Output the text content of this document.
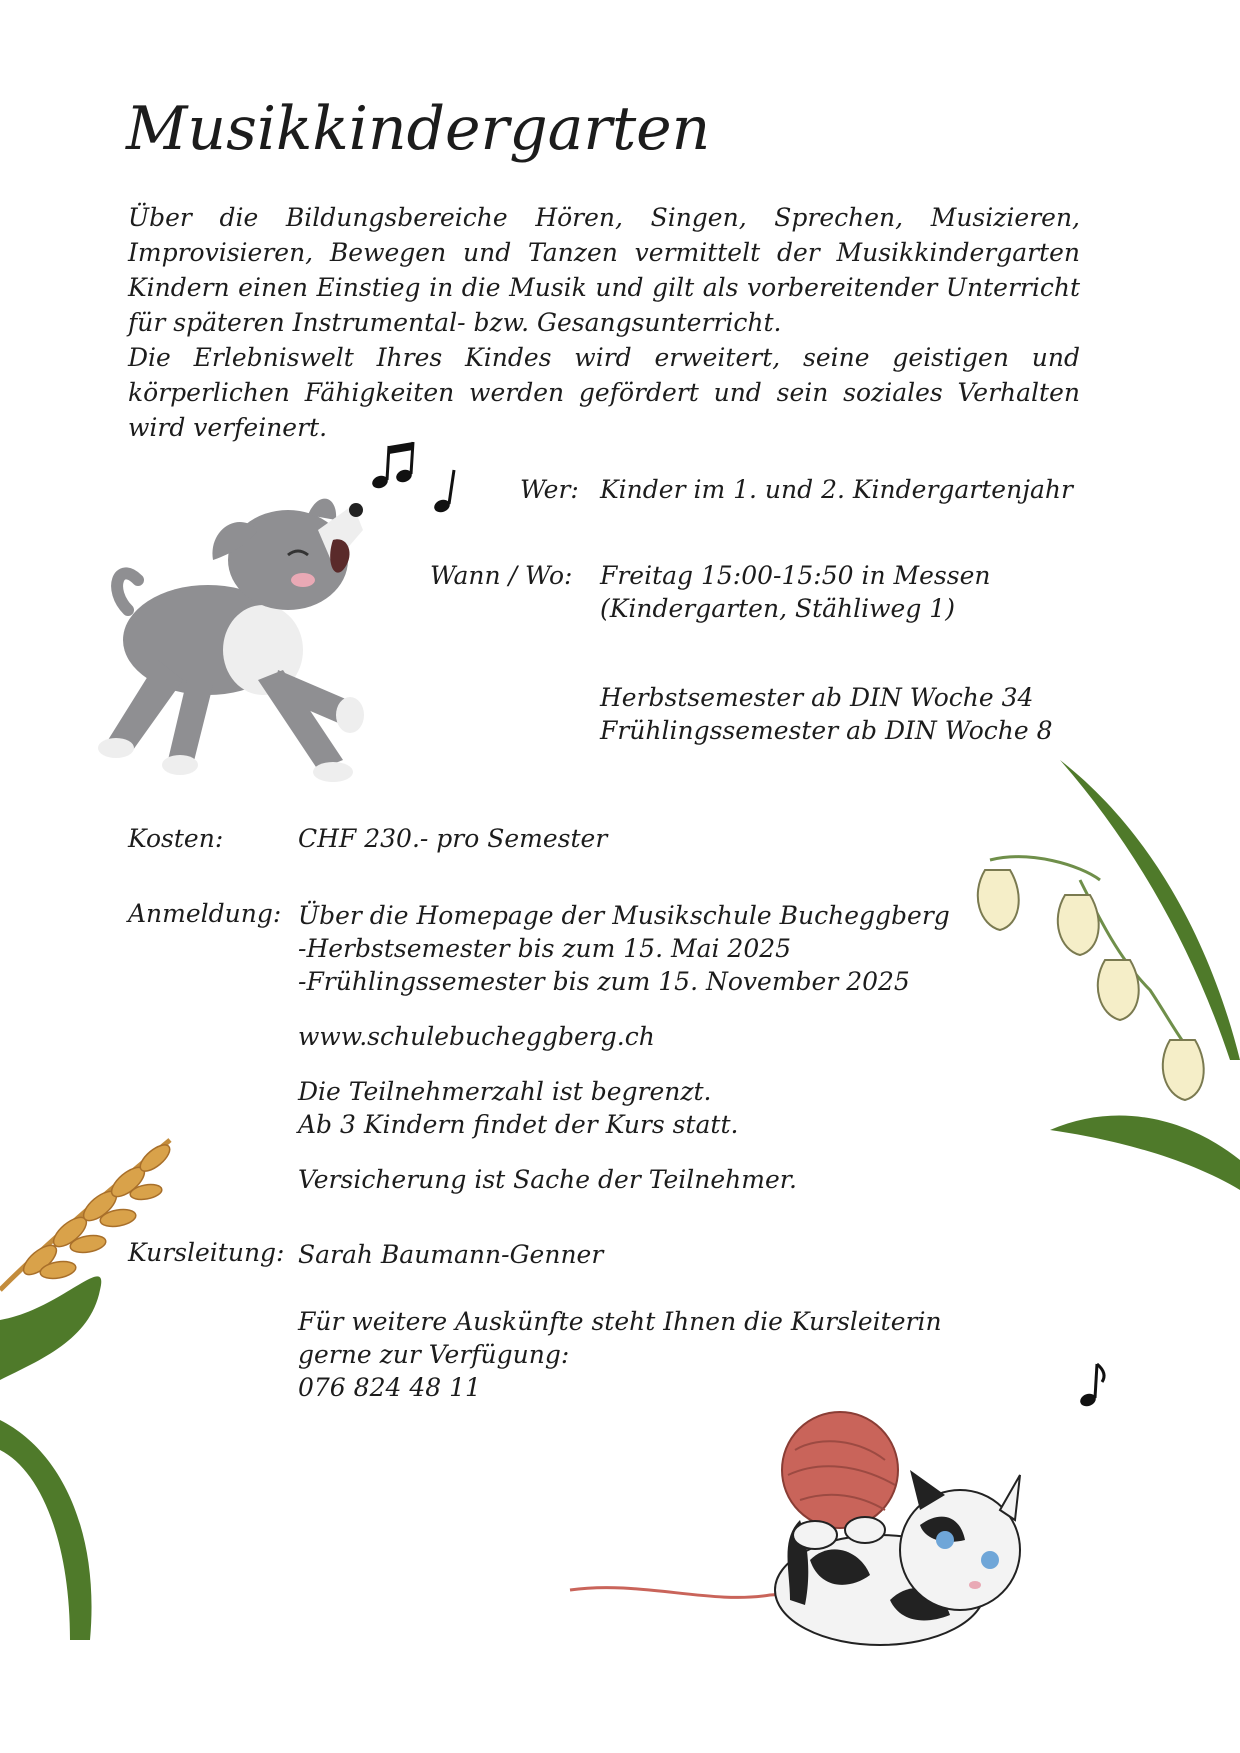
Musikkindergarten

Über die Bildungsbereiche Hören, Singen, Sprechen, Musizieren, Improvisieren, Bewegen und Tanzen vermittelt der Musikkindergarten Kindern einen Einstieg in die Musik und gilt als vorbereitender Unterricht für späteren Instrumental- bzw. Gesangsunterricht.

Die Erlebniswelt Ihres Kindes wird erweitert, seine geistigen und körperlichen Fähigkeiten werden gefördert und sein soziales Verhalten wird verfeinert.

Wer: Kinder im 1. und 2. Kindergartenjahr
Wann / Wo: Freitag 15:00-15:50 in Messen

(Kindergarten, Stähliweg 1)

Herbstsemester ab DIN Woche 34

Frühlingssemester ab DIN Woche 8

Kosten:	CHF 230.- pro Semester
Anmeldung: Über die Homepage der Musikschule Bucheggberg

-Herbstsemester bis zum 15. Mai 2025

-Frühlingssemester bis zum 15. November 2025

www.schulebucheggberg.ch

Die Teilnehmerzahl ist begrenzt.

Ab 3 Kindern findet der Kurs statt.

Versicherung ist Sache der Teilnehmer.

Kursleitung: Sarah Baumann-Genner

Für weitere Auskünfte steht Ihnen die Kursleiterin

gerne zur Verfügung:

076 824 48 11
